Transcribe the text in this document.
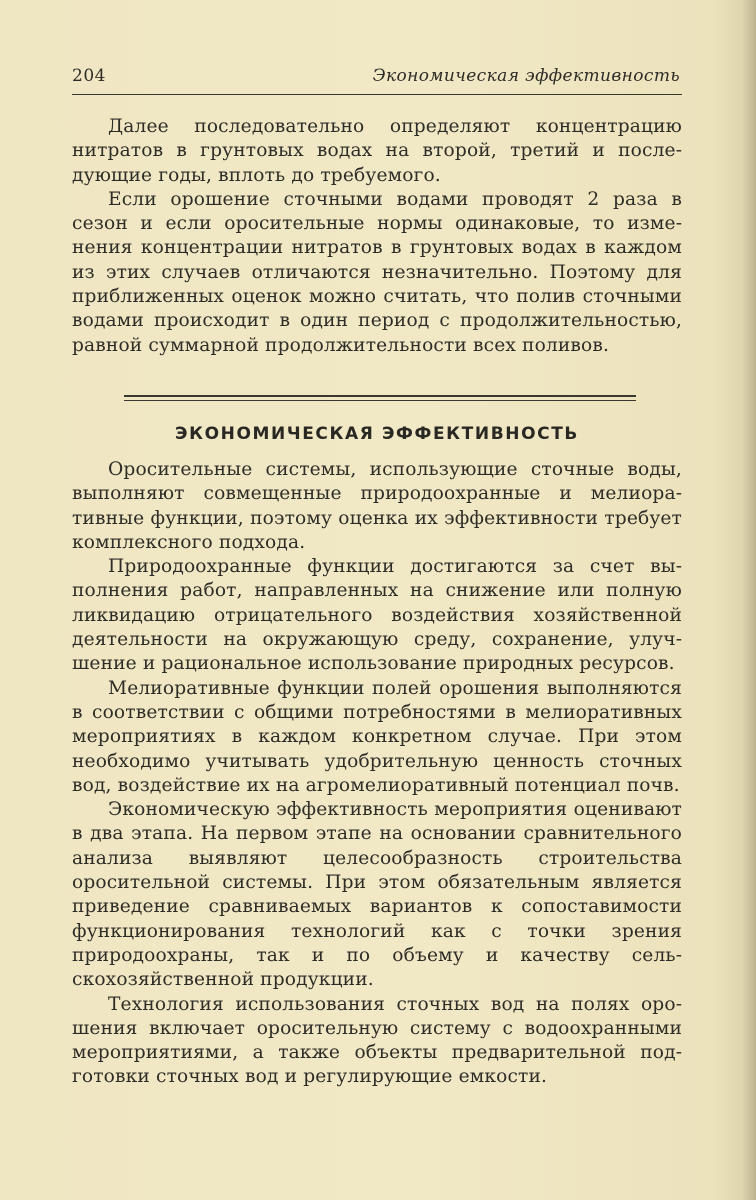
204	Экономическая эффективность

Далее последовательно определяют концентрацию нитратов в грунтовых водах на второй, третий и последующие годы, вплоть до требуемого.

Если орошение сточными водами проводят 2 раза в сезон и если оросительные нормы одинаковые, то изменения концентрации нитратов в грунтовых водах в каждом из этих случаев отличаются незначительно. Поэтому для приближенных оценок можно считать, что полив сточными водами происходит в один период с продолжительностью, равной суммарной продолжительности всех поливов.

ЭКОНОМИЧЕСКАЯ ЭФФЕКТИВНОСТЬ

Оросительные системы, использующие сточные воды, выполняют совмещенные природоохранные и мелиоративные функции, поэтому оценка их эффективности требует комплексного подхода.

Природоохранные функции достигаются за счет выполнения работ, направленных на снижение или полную ликвидацию отрицательного воздействия хозяйственной деятельности на окружающую среду, сохранение, улучшение и рациональное использование природных ресурсов.

Мелиоративные функции полей орошения выполняются в соответствии с общими потребностями в мелиоративных мероприятиях в каждом конкретном случае. При этом необходимо учитывать удобрительную ценность сточных вод, воздействие их на агромелиоративный потенциал почв.

Экономическую эффективность мероприятия оценивают в два этапа. На первом этапе на основании сравнительного анализа выявляют целесообразность строительства оросительной системы. При этом обязательным является приведение сравниваемых вариантов к сопоставимости функционирования технологий как с точки зрения природоохраны, так и по объему и качеству сельскохозяйственной продукции.

Технология использования сточных вод на полях орошения включает оросительную систему с водоохранными мероприятиями, а также объекты предварительной подготовки сточных вод и регулирующие емкости.
